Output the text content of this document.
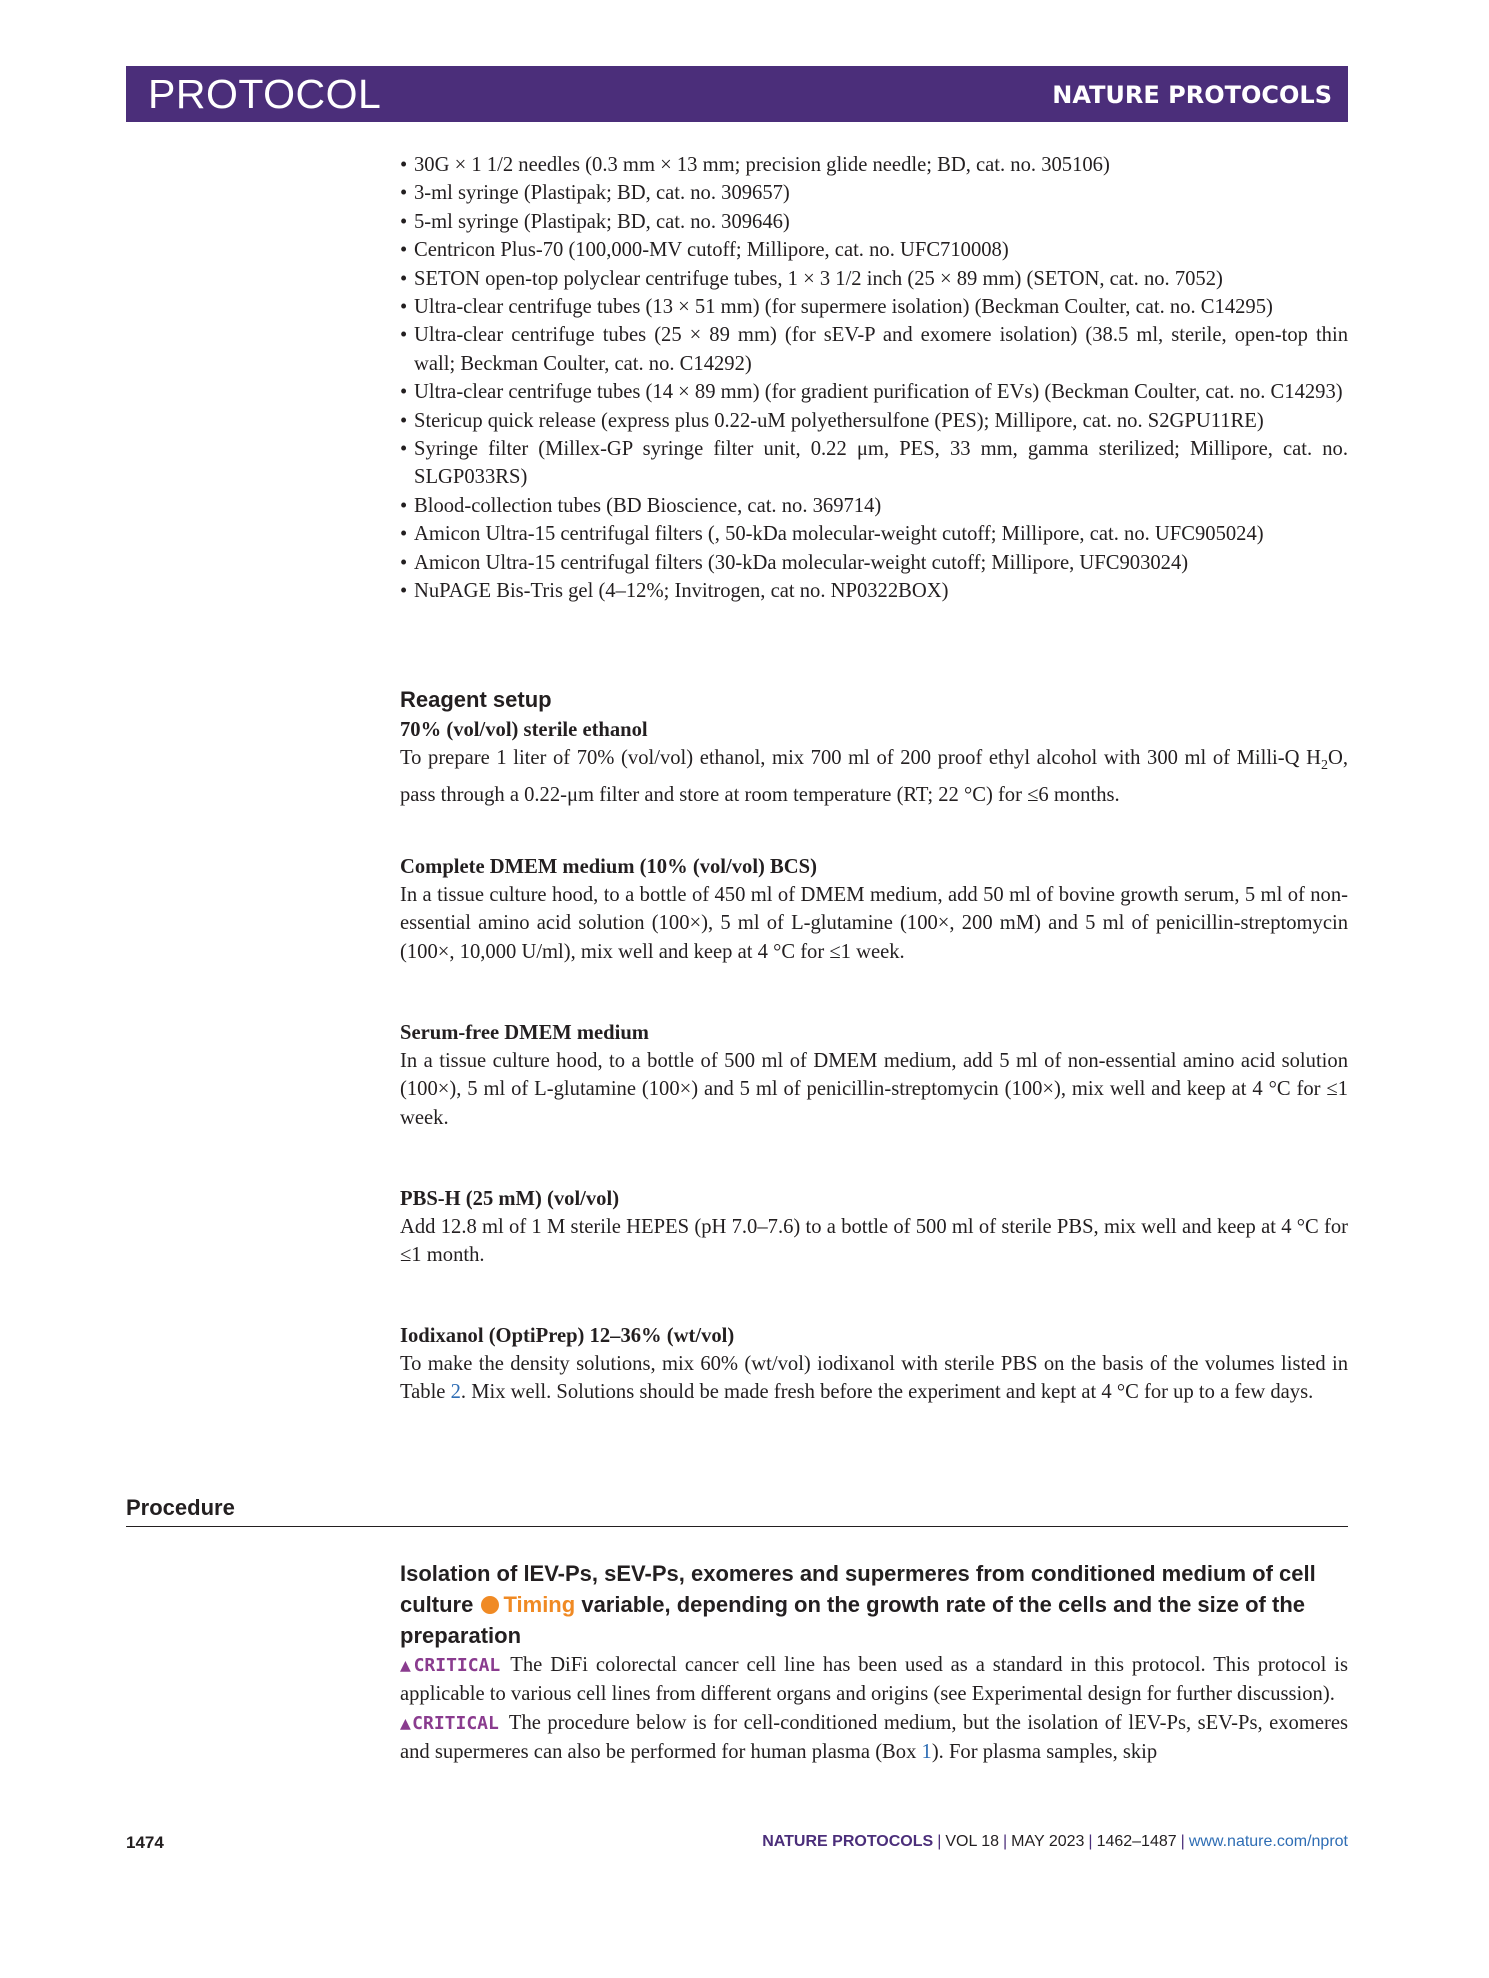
PROTOCOL	NATURE PROTOCOLS
• 30G × 1 1/2 needles (0.3 mm × 13 mm; precision glide needle; BD, cat. no. 305106)
• 3-ml syringe (Plastipak; BD, cat. no. 309657)
• 5-ml syringe (Plastipak; BD, cat. no. 309646)
• Centricon Plus-70 (100,000-MV cutoff; Millipore, cat. no. UFC710008)
• SETON open-top polyclear centrifuge tubes, 1 × 3 1/2 inch (25 × 89 mm) (SETON, cat. no. 7052)
• Ultra-clear centrifuge tubes (13 × 51 mm) (for supermere isolation) (Beckman Coulter, cat. no. C14295)
• Ultra-clear centrifuge tubes (25 × 89 mm) (for sEV-P and exomere isolation) (38.5 ml, sterile, open-top thin wall; Beckman Coulter, cat. no. C14292)
• Ultra-clear centrifuge tubes (14 × 89 mm) (for gradient purification of EVs) (Beckman Coulter, cat. no. C14293)
• Stericup quick release (express plus 0.22-uM polyethersulfone (PES); Millipore, cat. no. S2GPU11RE)
• Syringe filter (Millex-GP syringe filter unit, 0.22 μm, PES, 33 mm, gamma sterilized; Millipore, cat. no. SLGP033RS)
• Blood-collection tubes (BD Bioscience, cat. no. 369714)
• Amicon Ultra-15 centrifugal filters (, 50-kDa molecular-weight cutoff; Millipore, cat. no. UFC905024)
• Amicon Ultra-15 centrifugal filters (30-kDa molecular-weight cutoff; Millipore, UFC903024)
• NuPAGE Bis-Tris gel (4–12%; Invitrogen, cat no. NP0322BOX)
Reagent setup
70% (vol/vol) sterile ethanol

To prepare 1 liter of 70% (vol/vol) ethanol, mix 700 ml of 200 proof ethyl alcohol with 300 ml of Milli-Q $H_2O$, pass through a 0.22-μm filter and store at room temperature (RT; 22 °C) for ≤6 months.

Complete DMEM medium (10% (vol/vol) BCS)

In a tissue culture hood, to a bottle of 450 ml of DMEM medium, add 50 ml of bovine growth serum, 5 ml of non-essential amino acid solution (100×), 5 ml of L-glutamine (100×, 200 mM) and 5 ml of penicillin-streptomycin (100×, 10,000 U/ml), mix well and keep at 4 °C for ≤1 week.

Serum-free DMEM medium

In a tissue culture hood, to a bottle of 500 ml of DMEM medium, add 5 ml of non-essential amino acid solution (100×), 5 ml of L-glutamine (100×) and 5 ml of penicillin-streptomycin (100×), mix well and keep at 4 °C for ≤1 week.

PBS-H (25 mM) (vol/vol)

Add 12.8 ml of 1 M sterile HEPES (pH 7.0–7.6) to a bottle of 500 ml of sterile PBS, mix well and keep at 4 °C for ≤1 month.

Iodixanol (OptiPrep) 12–36% (wt/vol)

To make the density solutions, mix 60% (wt/vol) iodixanol with sterile PBS on the basis of the volumes listed in Table 2. Mix well. Solutions should be made fresh before the experiment and kept at 4 °C for up to a few days.

Procedure
Isolation of lEV-Ps, sEV-Ps, exomeres and supermeres from conditioned medium of cell culture Timing variable, depending on the growth rate of the cells and the size of the preparation

▲CRITICAL The DiFi colorectal cancer cell line has been used as a standard in this protocol. This protocol is applicable to various cell lines from different organs and origins (see Experimental design for further discussion).

▲CRITICAL The procedure below is for cell-conditioned medium, but the isolation of lEV-Ps, sEV-Ps, exomeres and supermeres can also be performed for human plasma (Box 1). For plasma samples, skip

1474	NATURE PROTOCOLS | VOL 18 | MAY 2023 | 1462–1487 | www.nature.com/nprot
